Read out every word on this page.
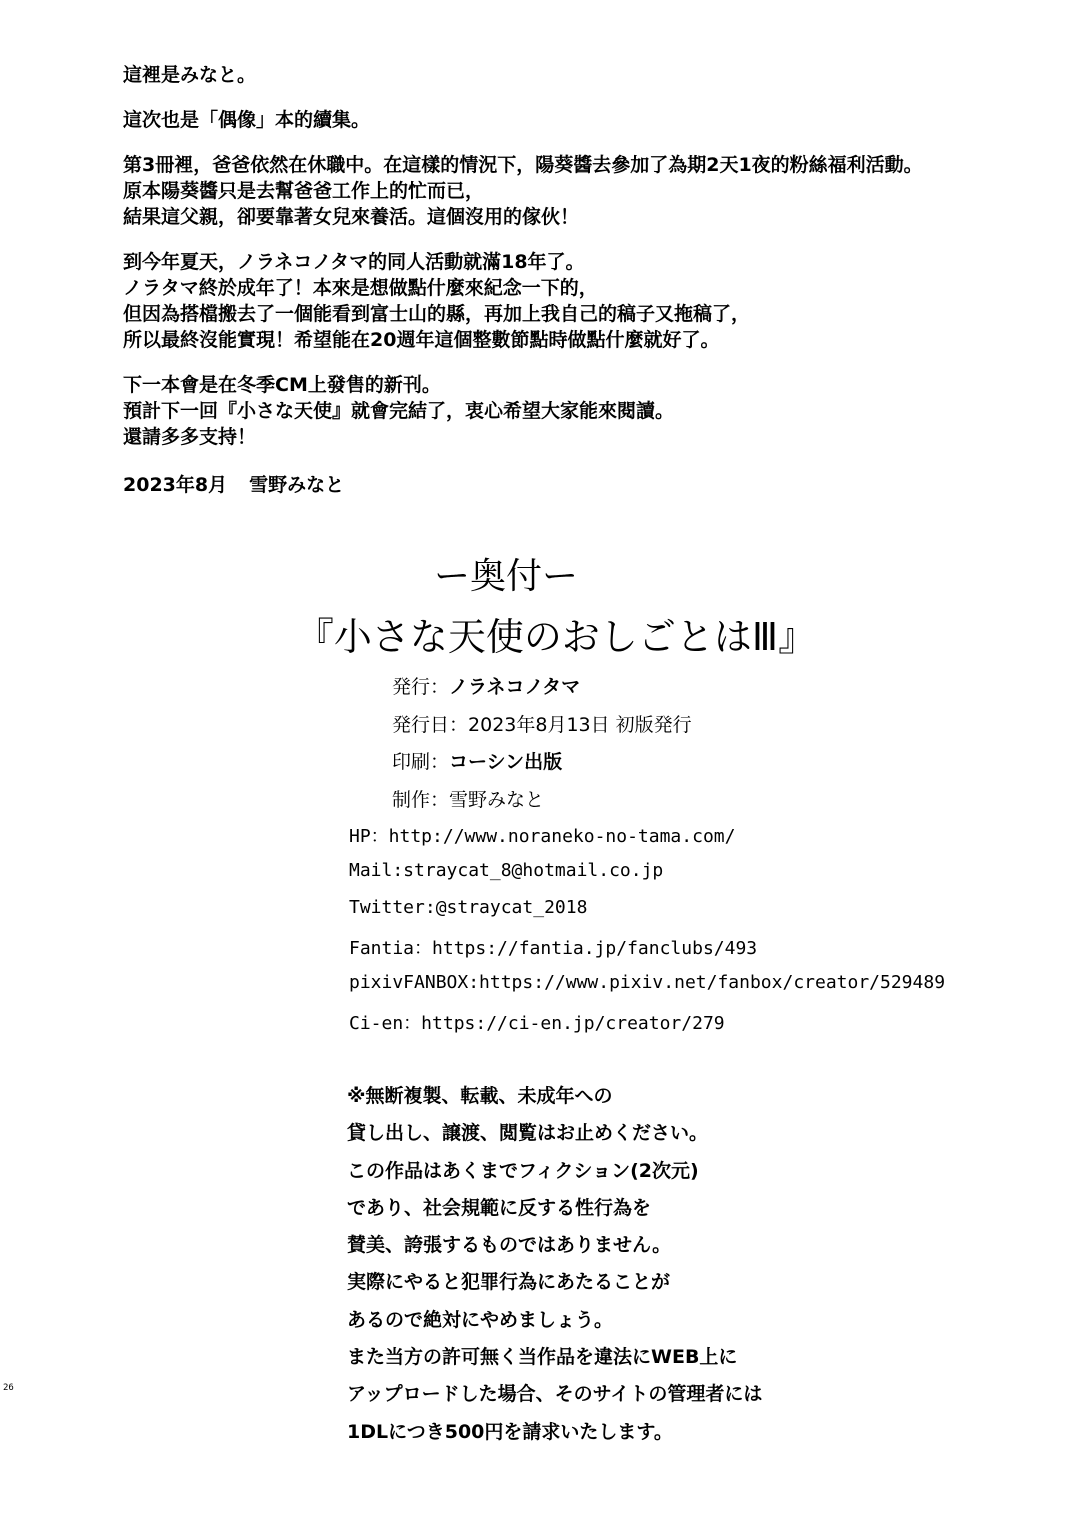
這裡是みなと。

這次也是「偶像」本的續集。

第3冊裡，爸爸依然在休職中。在這樣的情況下，陽葵醬去參加了為期2天1夜的粉絲福利活動。
原本陽葵醬只是去幫爸爸工作上的忙而已，
結果這父親，卻要靠著女兒來養活。這個沒用的傢伙！

到今年夏天，ノラネコノタマ的同人活動就滿18年了。
ノラタマ終於成年了！本來是想做點什麼來紀念一下的，
但因為搭檔搬去了一個能看到富士山的縣，再加上我自己的稿子又拖稿了，
所以最終沒能實現！希望能在20週年這個整數節點時做點什麼就好了。

下一本會是在冬季CM上發售的新刊。
預計下一回『小さな天使』就會完結了，衷心希望大家能來閱讀。
還請多多支持！

2023年8月 雪野みなと
ー奥付ー
『小さな天使のおしごとはⅢ』
発行：ノラネコノタマ
発行日：2023年8月13日 初版発行
印刷：コーシン出版
制作：雪野みなと
HP：http://www.noraneko-no-tama.com/
Mail:straycat_8@hotmail.co.jp
Twitter:@straycat_2018
Fantia：https://fantia.jp/fanclubs/493
pixivFANBOX:https://www.pixiv.net/fanbox/creator/529489
Ci-en：https://ci-en.jp/creator/279
※無断複製、転載、未成年への
貸し出し、譲渡、閲覧はお止めください。
この作品はあくまでフィクション(2次元)
であり、社会規範に反する性行為を
賛美、誇張するものではありません。
実際にやると犯罪行為にあたることが
あるので絶対にやめましょう。
また当方の許可無く当作品を違法にWEB上に
アップロードした場合、そのサイトの管理者には
1DLにつき500円を請求いたします。
26
